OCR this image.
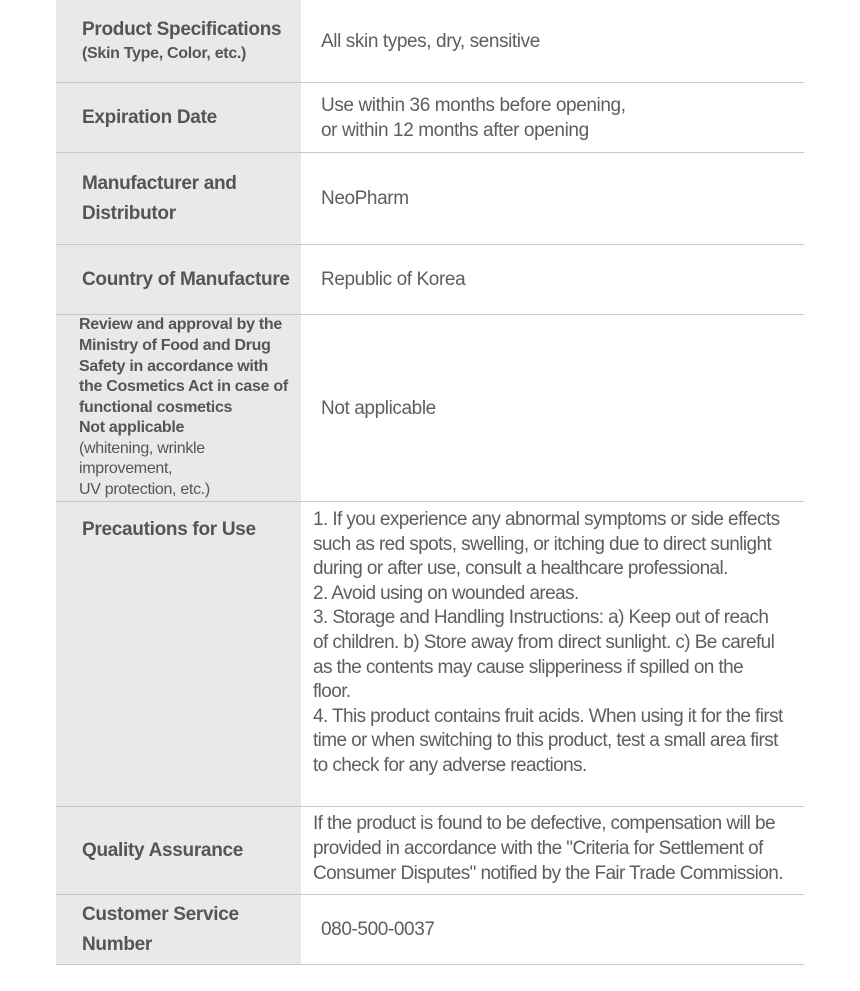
Product Specifications
(Skin Type, Color, etc.)
All skin types, dry, sensitive
Expiration Date
Use within 36 months before opening,
or within 12 months after opening
Manufacturer and
Distributor
NeoPharm
Country of Manufacture Republic of Korea
Review and approval by the
Ministry of Food and Drug
Safety in accordance with
the Cosmetics Act in case of
functional cosmetics
Not applicable
(whitening, wrinkle improvement,
UV protection, etc.)
Not applicable
Precautions for Use	1. If you experience any abnormal symptoms or side effects
such as red spots, swelling, or itching due to direct sunlight
during or after use, consult a healthcare professional.
2. Avoid using on wounded areas.
3. Storage and Handling Instructions: a) Keep out of reach
of children. b) Store away from direct sunlight. c) Be careful
as the contents may cause slipperiness if spilled on the
floor.
4. This product contains fruit acids. When using it for the first
time or when switching to this product, test a small area first
to check for any adverse reactions.
Quality Assurance
If the product is found to be defective, compensation will be
provided in accordance with the "Criteria for Settlement of
Consumer Disputes" notified by the Fair Trade Commission.
Customer Service
Number
080-500-0037
